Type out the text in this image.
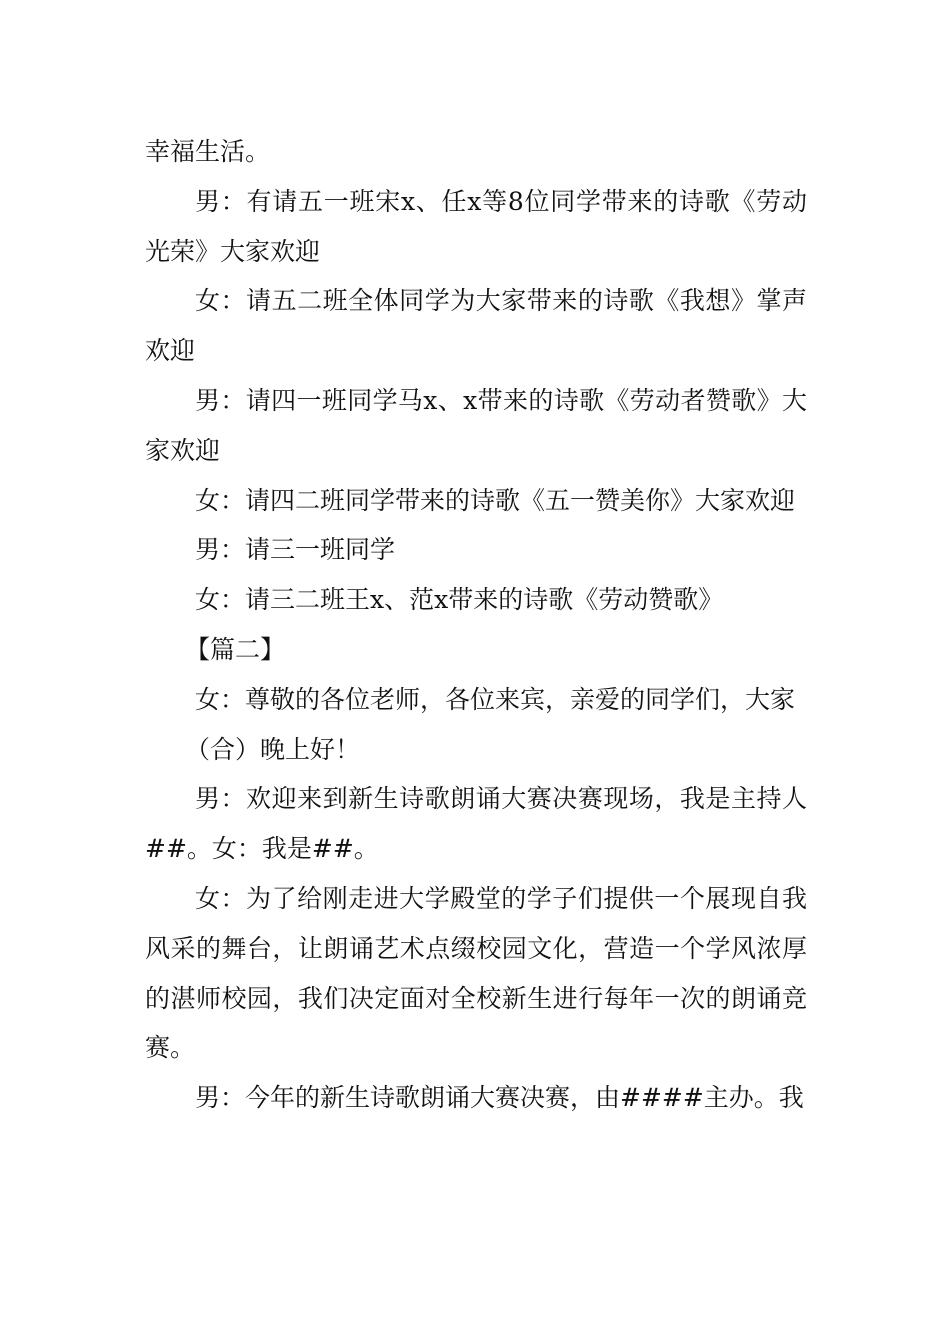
幸福生活。

男：有请五一班宋x、任x等8位同学带来的诗歌《劳动光荣》大家欢迎

女：请五二班全体同学为大家带来的诗歌《我想》掌声欢迎

男：请四一班同学马x、x带来的诗歌《劳动者赞歌》大家欢迎

女：请四二班同学带来的诗歌《五一赞美你》大家欢迎

男：请三一班同学

女：请三二班王x、范x带来的诗歌《劳动赞歌》

【篇二】

女：尊敬的各位老师，各位来宾，亲爱的同学们，大家

（合）晚上好！

男：欢迎来到新生诗歌朗诵大赛决赛现场，我是主持人##。女：我是##。

女：为了给刚走进大学殿堂的学子们提供一个展现自我风采的舞台，让朗诵艺术点缀校园文化，营造一个学风浓厚的湛师校园，我们决定面对全校新生进行每年一次的朗诵竞赛。

男：今年的新生诗歌朗诵大赛决赛，由####主办。我
